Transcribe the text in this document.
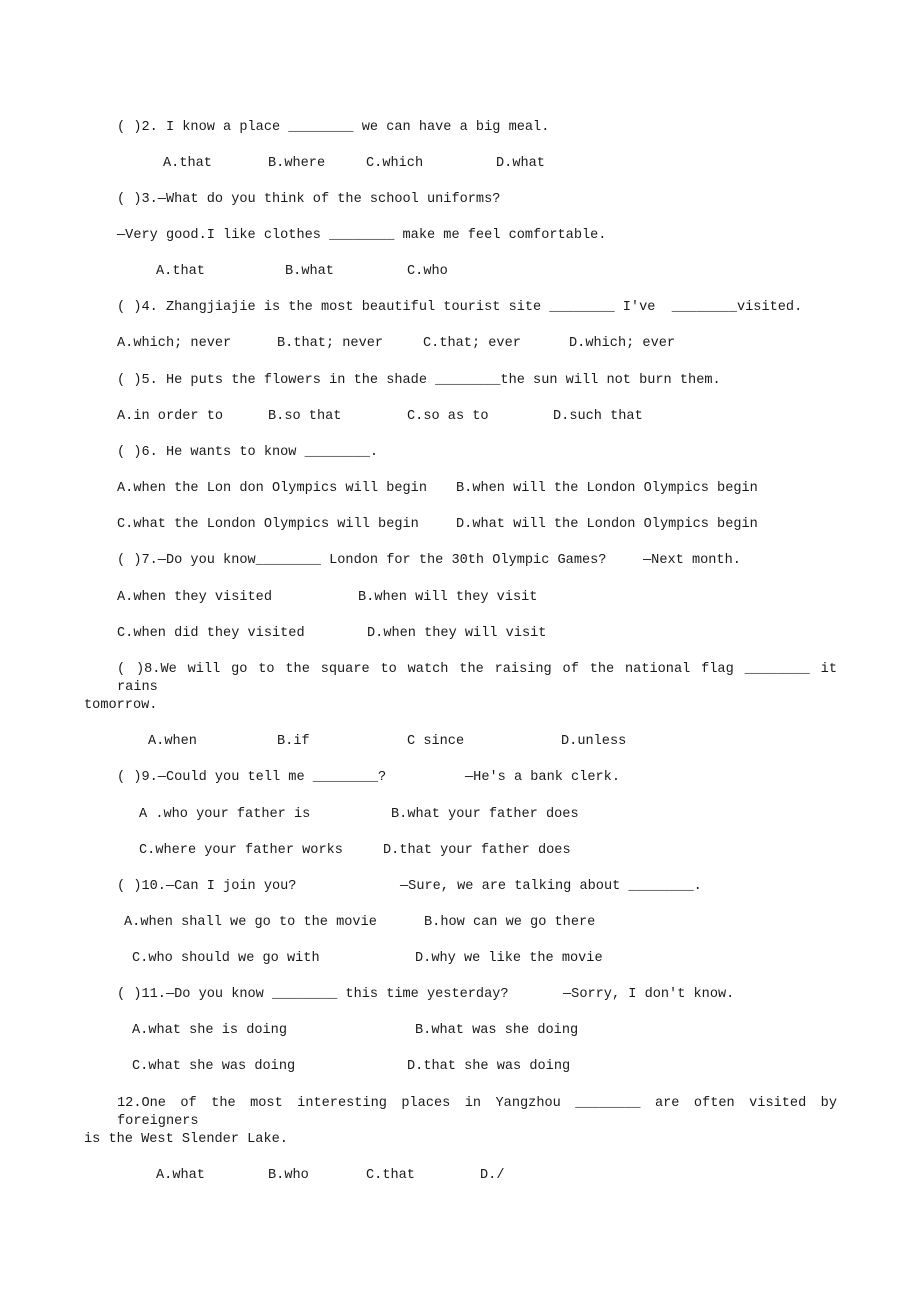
( )2. I know a place ________ we can have a big meal.
A.that	B.where	C.which	D.what
( )3.—What do you think of the school uniforms?
—Very good.I like clothes ________ make me feel comfortable.
A.that	B.what	C.who
( )4. Zhangjiajie is the most beautiful tourist site ________ I've  ________visited.
A.which; never	B.that; never	C.that; ever	D.which; ever
( )5. He puts the flowers in the shade ________the sun will not burn them.
A.in order to	B.so that	C.so as to	D.such that
( )6. He wants to know ________.
A.when the Lon don Olympics will begin B.when will the London Olympics begin
C.what the London Olympics will begin	D.what will the London Olympics begin
( )7.—Do you know________ London for the 30th Olympic Games?	—Next month.
A.when they visited	B.when will they visit
C.when did they visited	D.when they will visit
( )8.We will go to the square to watch the raising of the national flag ________ it rains
tomorrow.
A.when	B.if	C since	D.unless
( )9.—Could you tell me ________?	—He's a bank clerk.
A .who your father is	B.what your father does
C.where your father works	D.that your father does
( )10.—Can I join you?	—Sure, we are talking about ________.
A.when shall we go to the movie	B.how can we go there
C.who should we go with	D.why we like the movie
( )11.—Do you know ________ this time yesterday?	—Sorry, I don't know.
A.what she is doing	B.what was she doing
C.what she was doing	D.that she was doing
12.One of the most interesting places in Yangzhou ________ are often visited by foreigners
is the West Slender Lake.
A.what	B.who	C.that	D./
